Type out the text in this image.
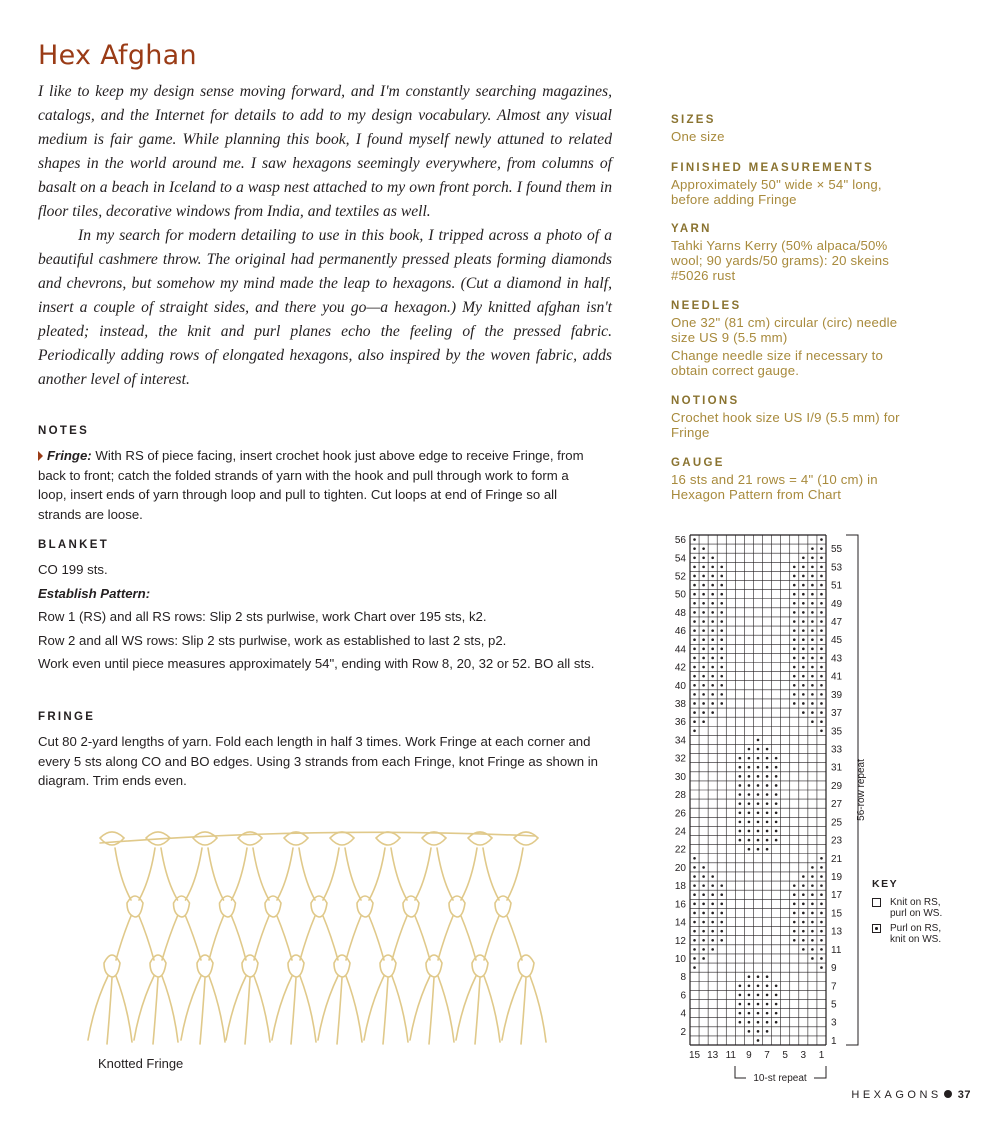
Hex Afghan

I like to keep my design sense moving forward, and I'm constantly searching magazines, catalogs, and the Internet for details to add to my design vocabulary. Almost any visual medium is fair game. While planning this book, I found myself newly attuned to related shapes in the world around me. I saw hexagons seemingly everywhere, from columns of basalt on a beach in Iceland to a wasp nest attached to my own front porch. I found them in floor tiles, decorative windows from India, and textiles as well.

In my search for modern detailing to use in this book, I tripped across a photo of a beautiful cashmere throw. The original had permanently pressed pleats forming diamonds and chevrons, but somehow my mind made the leap to hexagons. (Cut a diamond in half, insert a couple of straight sides, and there you go—a hexagon.) My knitted afghan isn't pleated; instead, the knit and purl planes echo the feeling of the pressed fabric. Periodically adding rows of elongated hexagons, also inspired by the woven fabric, adds another level of interest.

NOTES

Fringe: With RS of piece facing, insert crochet hook just above edge to receive Fringe, from back to front; catch the folded strands of yarn with the hook and pull through work to form a loop, insert ends of yarn through loop and pull to tighten. Cut loops at end of Fringe so all strands are loose.

BLANKET

CO 199 sts.

Establish Pattern:

Row 1 (RS) and all RS rows: Slip 2 sts purlwise, work Chart over 195 sts, k2.

Row 2 and all WS rows: Slip 2 sts purlwise, work as established to last 2 sts, p2.

Work even until piece measures approximately 54", ending with Row 8, 20, 32 or 52. BO all sts.

FRINGE

Cut 80 2-yard lengths of yarn. Fold each length in half 3 times. Work Fringe at each corner and every 5 sts along CO and BO edges. Using 3 strands from each Fringe, knot Fringe as shown in diagram. Trim ends even.

Knotted Fringe
SIZES
One size
FINISHED MEASUREMENTS
Approximately 50" wide × 54" long, before adding Fringe
YARN
Tahki Yarns Kerry (50% alpaca/50% wool; 90 yards/50 grams): 20 skeins #5026 rust
NEEDLES

One 32" (81 cm) circular (circ) needle size US 9 (5.5 mm)

Change needle size if necessary to obtain correct gauge.

NOTIONS
Crochet hook size US I/9 (5.5 mm) for Fringe
GAUGE
16 sts and 21 rows = 4" (10 cm) in Hexagon Pattern from Chart
1
3
5
7
9
11
13
15
17
19
21
23
25
27
29
31
33
35
37
39
41
43
45
47
49
51
53
55
2
4
6
8
10
12
14
16
18
20
22
24
26
28
30
32
34
36
38
40
42
44
46
48
50
52
54
56
15 13 11 9 7 5 3 1
56-row repeat
10-st repeat
KEY
Knit on RS,
purl on WS.
Purl on RS,
knit on WS.
HEXAGONS 37
